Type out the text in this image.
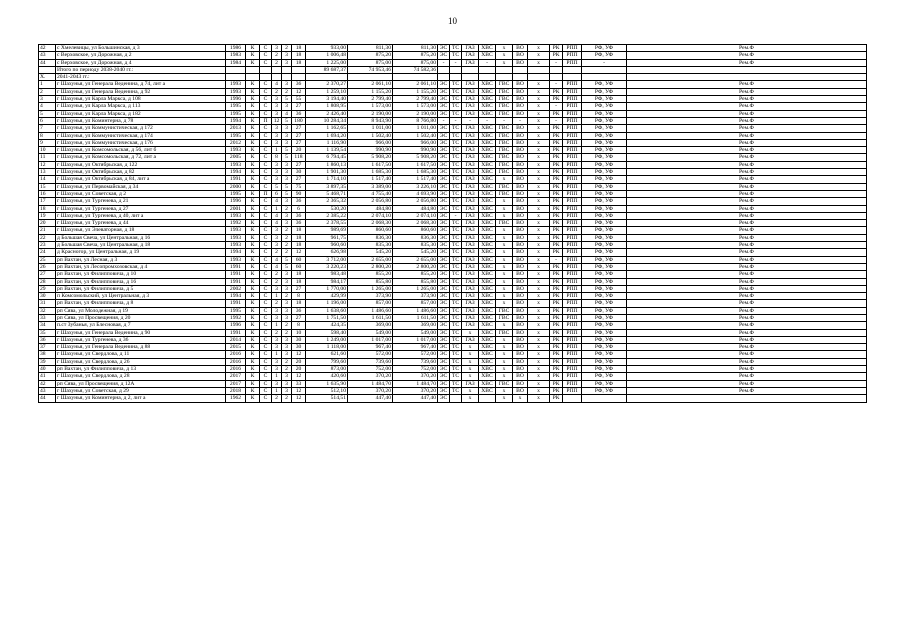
10
42	с Хмелевицы, ул Большинская, д 3	1986	К	С	3	2	18	933,00	811,30	811,30	ЭС	ТС	ГАЗ	ХВС	х	ВО	х	РК	РПП	РФ, УФ	Рем.Ф
43	с Верховское, ул Дорожная, д 2	1983	К	С	2	3	18	1 006,48	875,20	875,20	ЭС	ТС	ГАЗ	ХВС	х	ВО	х	РК	РПП	РФ, УФ	Рем.Ф
44	с Верховское, ул Дорожная, д 4	1984	К	С	2	3	18	1 225,00	875,00	875,00	-	-	ГАЗ	-	х	ВО	х	-	РПП	-	Рем.Ф
	Итого по периоду 2038-2040 гг.:							89 687,37	74 953,46	74 582,36											
X.	2041-2043 гг.:																				
1	г Шахунья, ул Генерала Веденина, д 74, лит а	1993	К	С	4	3	36	2 370,27	2 061,10	2 061,10	ЭС	ТС	ГАЗ	ХВС	ГВС	ВО	х	-	РПП	РФ, УФ	Рем.Ф
2	г Шахунья, ул Генерала Веденина, д 92	1993	К	С	2	2	12	1 259,10	1 155,20	1 155,20	ЭС	ТС	ГАЗ	ХВС	ГВС	ВО	х	РК	РПП	РФ, УФ	Рем.Ф
3	г Шахунья, ул Карла Маркса, д 108	1996	К	С	3	5	55	3 194,40	2 799,40	2 799,40	ЭС	ТС	ГАЗ	ХВС	ГВС	ВО	х	РК	РПП	РФ, УФ	Рем.Ф
4	г Шахунья, ул Карла Маркса, д 113	1995	К	С	3	3	27	1 808,95	1 573,00	1 573,00	ЭС	ТС	ГАЗ	ХВС	ГВС	ВО	х	-	РПП	РФ, УФ	Рем.Ф
5	г Шахунья, ул Карла Маркса, д 182	1995	К	С	3	4	36	2 426,40	2 190,00	2 190,00	ЭС	ТС	ГАЗ	ХВС	ГВС	ВО	х	РК	РПП	РФ, УФ	Рем.Ф
6	г Шахунья, ул Коминтерна, д 78	1994	К	П	12	5	180	10 284,34	8 943,90	8 766,80	-	-	-	-	-	-	х	-	РПП	РФ, УФ	Рем.Ф
7	г Шахунья, ул Коммунистическая, д 172	2013	К	С	3	3	27	1 162,65	1 011,00	1 011,00	ЭС	ТС	ГАЗ	ХВС	ГВС	ВО	х	РК	РПП	РФ, УФ	Рем.Ф
8	г Шахунья, ул Коммунистическая, д 174	1995	К	С	3	3	27	1 694,20	1 502,40	1 502,40	ЭС	ТС	ГАЗ	ХВС	ГВС	ВО	х	РК	РПП	РФ, УФ	Рем.Ф
9	г Шахунья, ул Коммунистическая, д 176	2012	К	С	3	3	27	1 116,90	966,00	966,00	ЭС	ТС	ГАЗ	ХВС	ГВС	ВО	х	РК	РПП	РФ, УФ	Рем.Ф
10	г Шахунья, ул Комсомольская, д 56, лит б	1993	К	С	1	5	20	1 139,54	990,90	990,90	ЭС	ТС	ГАЗ	ХВС	ГВС	ВО	х	РК	РПП	РФ, УФ	Рем.Ф
11	г Шахунья, ул Комсомольская, д 72, лит а	2005	К	С	8	5	118	6 794,45	5 908,20	5 908,20	ЭС	ТС	ГАЗ	ХВС	ГВС	ВО	х	РК	РПП	РФ, УФ	Рем.Ф
12	г Шахунья, ул Октябрьская, д 122	1993	К	С	3	3	27	1 860,13	1 617,50	1 617,50	ЭС	ТС	ГАЗ	ХВС	ГВС	ВО	х	РК	РПП	РФ, УФ	Рем.Ф
13	г Шахунья, ул Октябрьская, д 82	1994	К	С	3	3	30	1 901,30	1 685,30	1 685,30	ЭС	ТС	ГАЗ	ХВС	ГВС	ВО	х	РК	РПП	РФ, УФ	Рем.Ф
14	г Шахунья, ул Октябрьская, д 84, лит а	1991	К	С	3	3	27	1 714,10	1 517,40	1 517,40	ЭС	ТС	ГАЗ	ХВС	х	ВО	х	РК	РПП	РФ, УФ	Рем.Ф
15	г Шахунья, ул Первомайская, д 34	2000	К	С	5	5	75	3 897,35	3 389,00	3 226,10	ЭС	ТС	ГАЗ	ХВС	ГВС	ВО	х	РК	РПП	РФ, УФ	Рем.Ф
16	г Шахунья, ул Советская, д 2	1995	К	П	6	5	90	5 468,71	4 755,40	4 693,90	ЭС	ТС	ГАЗ	ХВС	ГВС	ВО	х	РК	РПП	РФ, УФ	Рем.Ф
17	г Шахунья, ул Тургенева, д 21	1996	К	С	4	3	36	2 365,32	2 056,80	2 056,80	ЭС	ТС	ГАЗ	ХВС	х	ВО	х	РК	РПП	РФ, УФ	Рем.Ф
18	г Шахунья, ул Тургенева, д 27	2001	К	С	1	2	6	530,20	484,80	484,80	ЭС	ТС	ГАЗ	ХВС	х	ВО	х	РК	РПП	РФ, УФ	Рем.Ф
19	г Шахунья, ул Тургенева, д 40, лит а	1993	К	С	4	3	36	2 385,22	2 074,10	2 074,10	ЭС	-	ГАЗ	ХВС	х	ВО	х	РК	РПП	РФ, УФ	Рем.Ф
20	г Шахунья, ул Тургенева, д 44	1992	К	С	4	3	36	2 378,55	2 068,30	2 068,30	ЭС	ТС	ГАЗ	ХВС	ГВС	ВО	х	РК	РПП	РФ, УФ	Рем.Ф
21	г Шахунья, ул Элеваторная, д 18	1993	К	С	3	2	18	989,69	860,60	860,60	ЭС	ТС	ГАЗ	ХВС	х	ВО	х	РК	РПП	РФ, УФ	Рем.Ф
22	д Большая Свеча, ул Центральная, д 16	1993	К	С	3	2	18	961,75	836,30	836,30	ЭС	ТС	ГАЗ	ХВС	х	ВО	х	РК	РПП	РФ, УФ	Рем.Ф
23	д Большая Свеча, ул Центральная, д 18	1993	К	С	3	2	18	960,60	835,30	835,30	ЭС	ТС	ГАЗ	ХВС	х	ВО	х	РК	РПП	РФ, УФ	Рем.Ф
24	д Красногор, ул Центральная, д 19	1994	К	С	2	2	12	626,98	545,20	545,20	ЭС	ТС	ГАЗ	ХВС	х	ВО	х	РК	РПП	РФ, УФ	Рем.Ф
25	рп Вахтан, ул Лесная, д 3	1993	К	С	4	5	60	3 712,00	2 655,00	2 655,00	ЭС	ТС	ГАЗ	ХВС	х	ВО	х	-	РПП	РФ, УФ	Рем.Ф
26	рп Вахтан, ул Лесопромхозовская, д 4	1991	К	С	4	5	60	3 220,23	2 800,20	2 800,20	ЭС	ТС	ГАЗ	ХВС	х	ВО	х	РК	РПП	РФ, УФ	Рем.Ф
27	рп Вахтан, ул Филипповича, д 10	1991	К	С	2	3	18	983,48	855,20	855,20	ЭС	ТС	ГАЗ	ХВС	х	ВО	х	РК	РПП	РФ, УФ	Рем.Ф
28	рп Вахтан, ул Филипповича, д 16	1991	К	С	2	3	18	984,17	855,80	855,80	ЭС	ТС	ГАЗ	ХВС	х	ВО	х	РК	РПП	РФ, УФ	Рем.Ф
29	рп Вахтан, ул Филипповича, д 5	2002	К	С	3	3	27	1 770,00	1 265,00	1 265,00	ЭС	ТС	ГАЗ	ХВС	х	ВО	х	РК	РПП	РФ, УФ	Рем.Ф
30	п Комсомольский, ул Центральная, д 3	1994	К	С	1	2	8	429,99	373,90	373,90	ЭС	ТС	ГАЗ	ХВС	х	ВО	х	РК	РПП	РФ, УФ	Рем.Ф
31	рп Вахтан, ул Филипповича, д 8	1991	К	С	2	3	18	1 196,00	857,00	857,00	ЭС	ТС	ГАЗ	ХВС	х	ВО	х	РК	РПП	РФ, УФ	Рем.Ф
32	рп Сява, ул Молодежная, д 19	1995	К	С	3	3	36	1 638,60	1 486,60	1 486,60	ЭС	ТС	ГАЗ	ХВС	ГВС	ВО	х	РК	РПП	РФ, УФ	Рем.Ф
33	рп Сява, ул Просвещения, д 20	1992	К	С	3	3	27	1 751,50	1 611,50	1 611,50	ЭС	ТС	ГАЗ	ХВС	ГВС	ВО	х	РК	РПП	РФ, УФ	Рем.Ф
34	п.ст Зубанья, ул Блесновая, д 7	1996	К	С	1	2	8	424,35	369,00	369,00	ЭС	ТС	ГАЗ	ХВС	х	ВО	х	РК	РПП	РФ, УФ	Рем.Ф
35	г Шахунья, ул Генерала Веденина, д 90	1991	К	С	2	2	10	598,40	549,00	549,00	ЭС	ТС	х	ХВС	ГВС	ВО	х	РК	РПП	РФ, УФ	Рем.Ф
36	г Шахунья, ул Тургенева, д 36	2014	К	С	3	3	30	1 249,00	1 017,00	1 017,00	ЭС	ТС	ГАЗ	ХВС	х	ВО	х	РК	РПП	РФ, УФ	Рем.Ф
37	г Шахунья, ул Генерала Веденина, д 88	2015	К	С	3	3	30	1 118,00	967,40	967,40	ЭС	ТС	х	ХВС	х	ВО	х	РК	РПП	РФ, УФ	Рем.Ф
38	г Шахунья, ул Свердлова, д 11	2016	К	С	1	3	12	621,60	572,00	572,00	ЭС	ТС	х	ХВС	х	ВО	х	РК	РПП	РФ, УФ	Рем.Ф
39	г Шахунья, ул Свердлова, д 26	2016	К	С	3	2	20	799,60	739,60	739,60	ЭС	ТС	х	ХВС	х	ВО	х	РК	РПП	РФ, УФ	Рем.Ф
40	рп Вахтан, ул Филипповича, д 13	2016	К	С	3	2	20	873,00	752,00	752,00	ЭС	ТС	х	ХВС	х	ВО	х	РК	РПП	РФ, УФ	Рем.Ф
41	г Шахунья, ул Свердлова, д 28	2017	К	С	1	3	12	420,60	370,20	370,20	ЭС	ТС	х	ХВС	х	ВО	х	РК	РПП	РФ, УФ	Рем.Ф
42	рп Сява, ул Просвещения, д 12А	2017	К	С	3	3	33	1 635,90	1 484,70	1 484,70	ЭС	ТС	ГАЗ	ХВС	ГВС	ВО	х	РК	РПП	РФ, УФ	Рем.Ф
43	г Шахунья, ул Советская, д 29	2018	К	С	1	3	12	512,10	370,20	370,20	ЭС	ТС	х	ХВС	х	ВО	х	РК	РПП	РФ, УФ	Рем.Ф
44	г Шахунья, ул Коминтерна, д 2, лит а	1962	К	С	2	2	12	514,51	447,40	447,40	ЭС		х		х	х	х	РК			
